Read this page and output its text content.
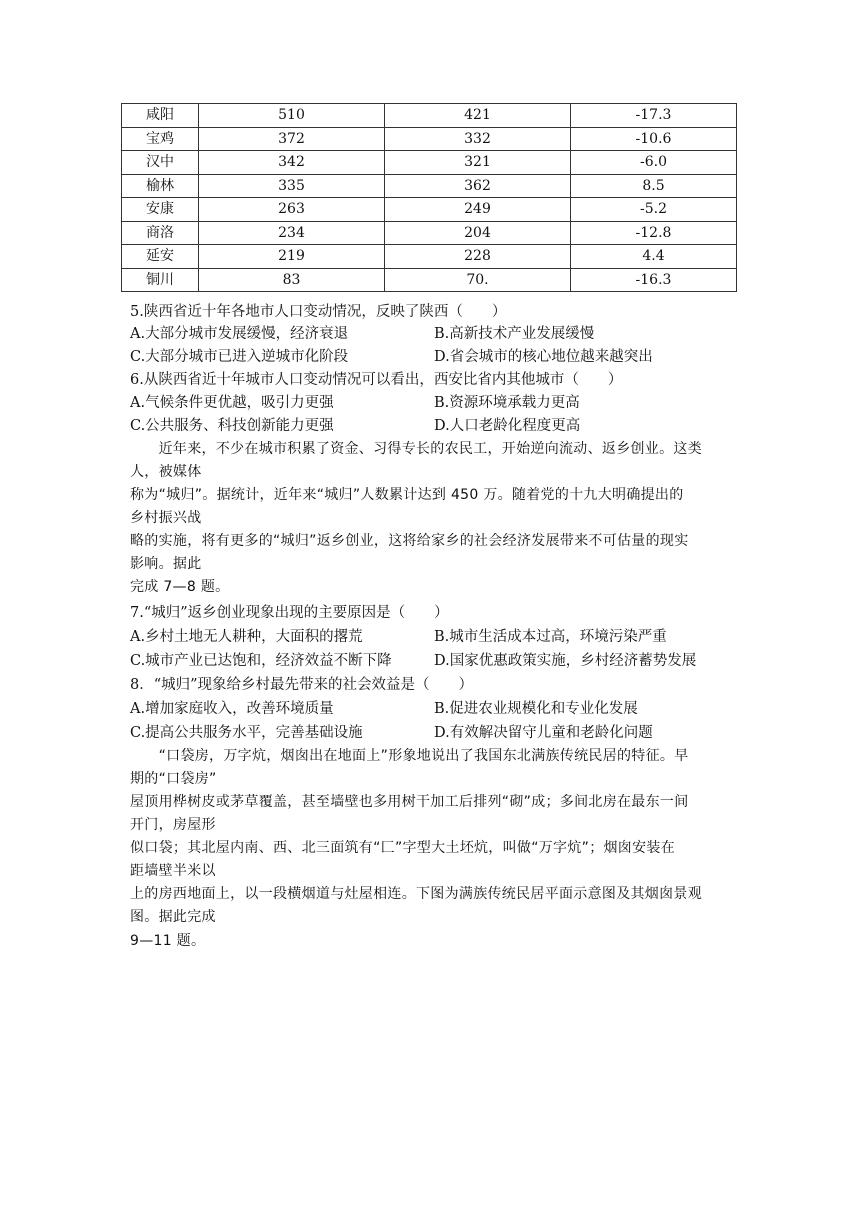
咸阳	510	421	-17.3
宝鸡	372	332	-10.6
汉中	342	321	-6.0
榆林	335	362	8.5
安康	263	249	-5.2
商洛	234	204	-12.8
延安	219	228	4.4
铜川	83	70.	-16.3
5.陕西省近十年各地市人口变动情况，反映了陕西（　　）
A.大部分城市发展缓慢，经济衰退	B.高新技术产业发展缓慢
C.大部分城市已进入逆城市化阶段	D.省会城市的核心地位越来越突出
6.从陕西省近十年城市人口变动情况可以看出，西安比省内其他城市（　　）
A.气候条件更优越，吸引力更强	B.资源环境承载力更高
C.公共服务、科技创新能力更强	D.人口老龄化程度更高
　　近年来，不少在城市积累了资金、习得专长的农民工，开始逆向流动、返乡创业。这类
人，被媒体
称为“城归”。据统计，近年来“城归”人数累计达到 450 万。随着党的十九大明确提出的
乡村振兴战
略的实施，将有更多的“城归”返乡创业，这将给家乡的社会经济发展带来不可估量的现实
影响。据此
完成 7—8 题。
7.“城归”返乡创业现象出现的主要原因是（　　）
A.乡村土地无人耕种，大面积的撂荒	B.城市生活成本过高，环境污染严重
C.城市产业已达饱和，经济效益不断下降	D.国家优惠政策实施，乡村经济蓄势发展
8．“城归”现象给乡村最先带来的社会效益是（　　）
A.增加家庭收入，改善环境质量	B.促进农业规模化和专业化发展
C.提高公共服务水平，完善基础设施	D.有效解决留守儿童和老龄化问题
　　“口袋房，万字炕，烟囱出在地面上”形象地说出了我国东北满族传统民居的特征。早
期的“口袋房”
屋顶用桦树皮或茅草覆盖，甚至墙壁也多用树干加工后排列“砌”成；多间北房在最东一间
开门，房屋形
似口袋；其北屋内南、西、北三面筑有“匚”字型大土坯炕，叫做“万字炕”；烟囱安装在
距墙壁半米以
上的房西地面上，以一段横烟道与灶屋相连。下图为满族传统民居平面示意图及其烟囱景观
图。据此完成
9—11 题。
